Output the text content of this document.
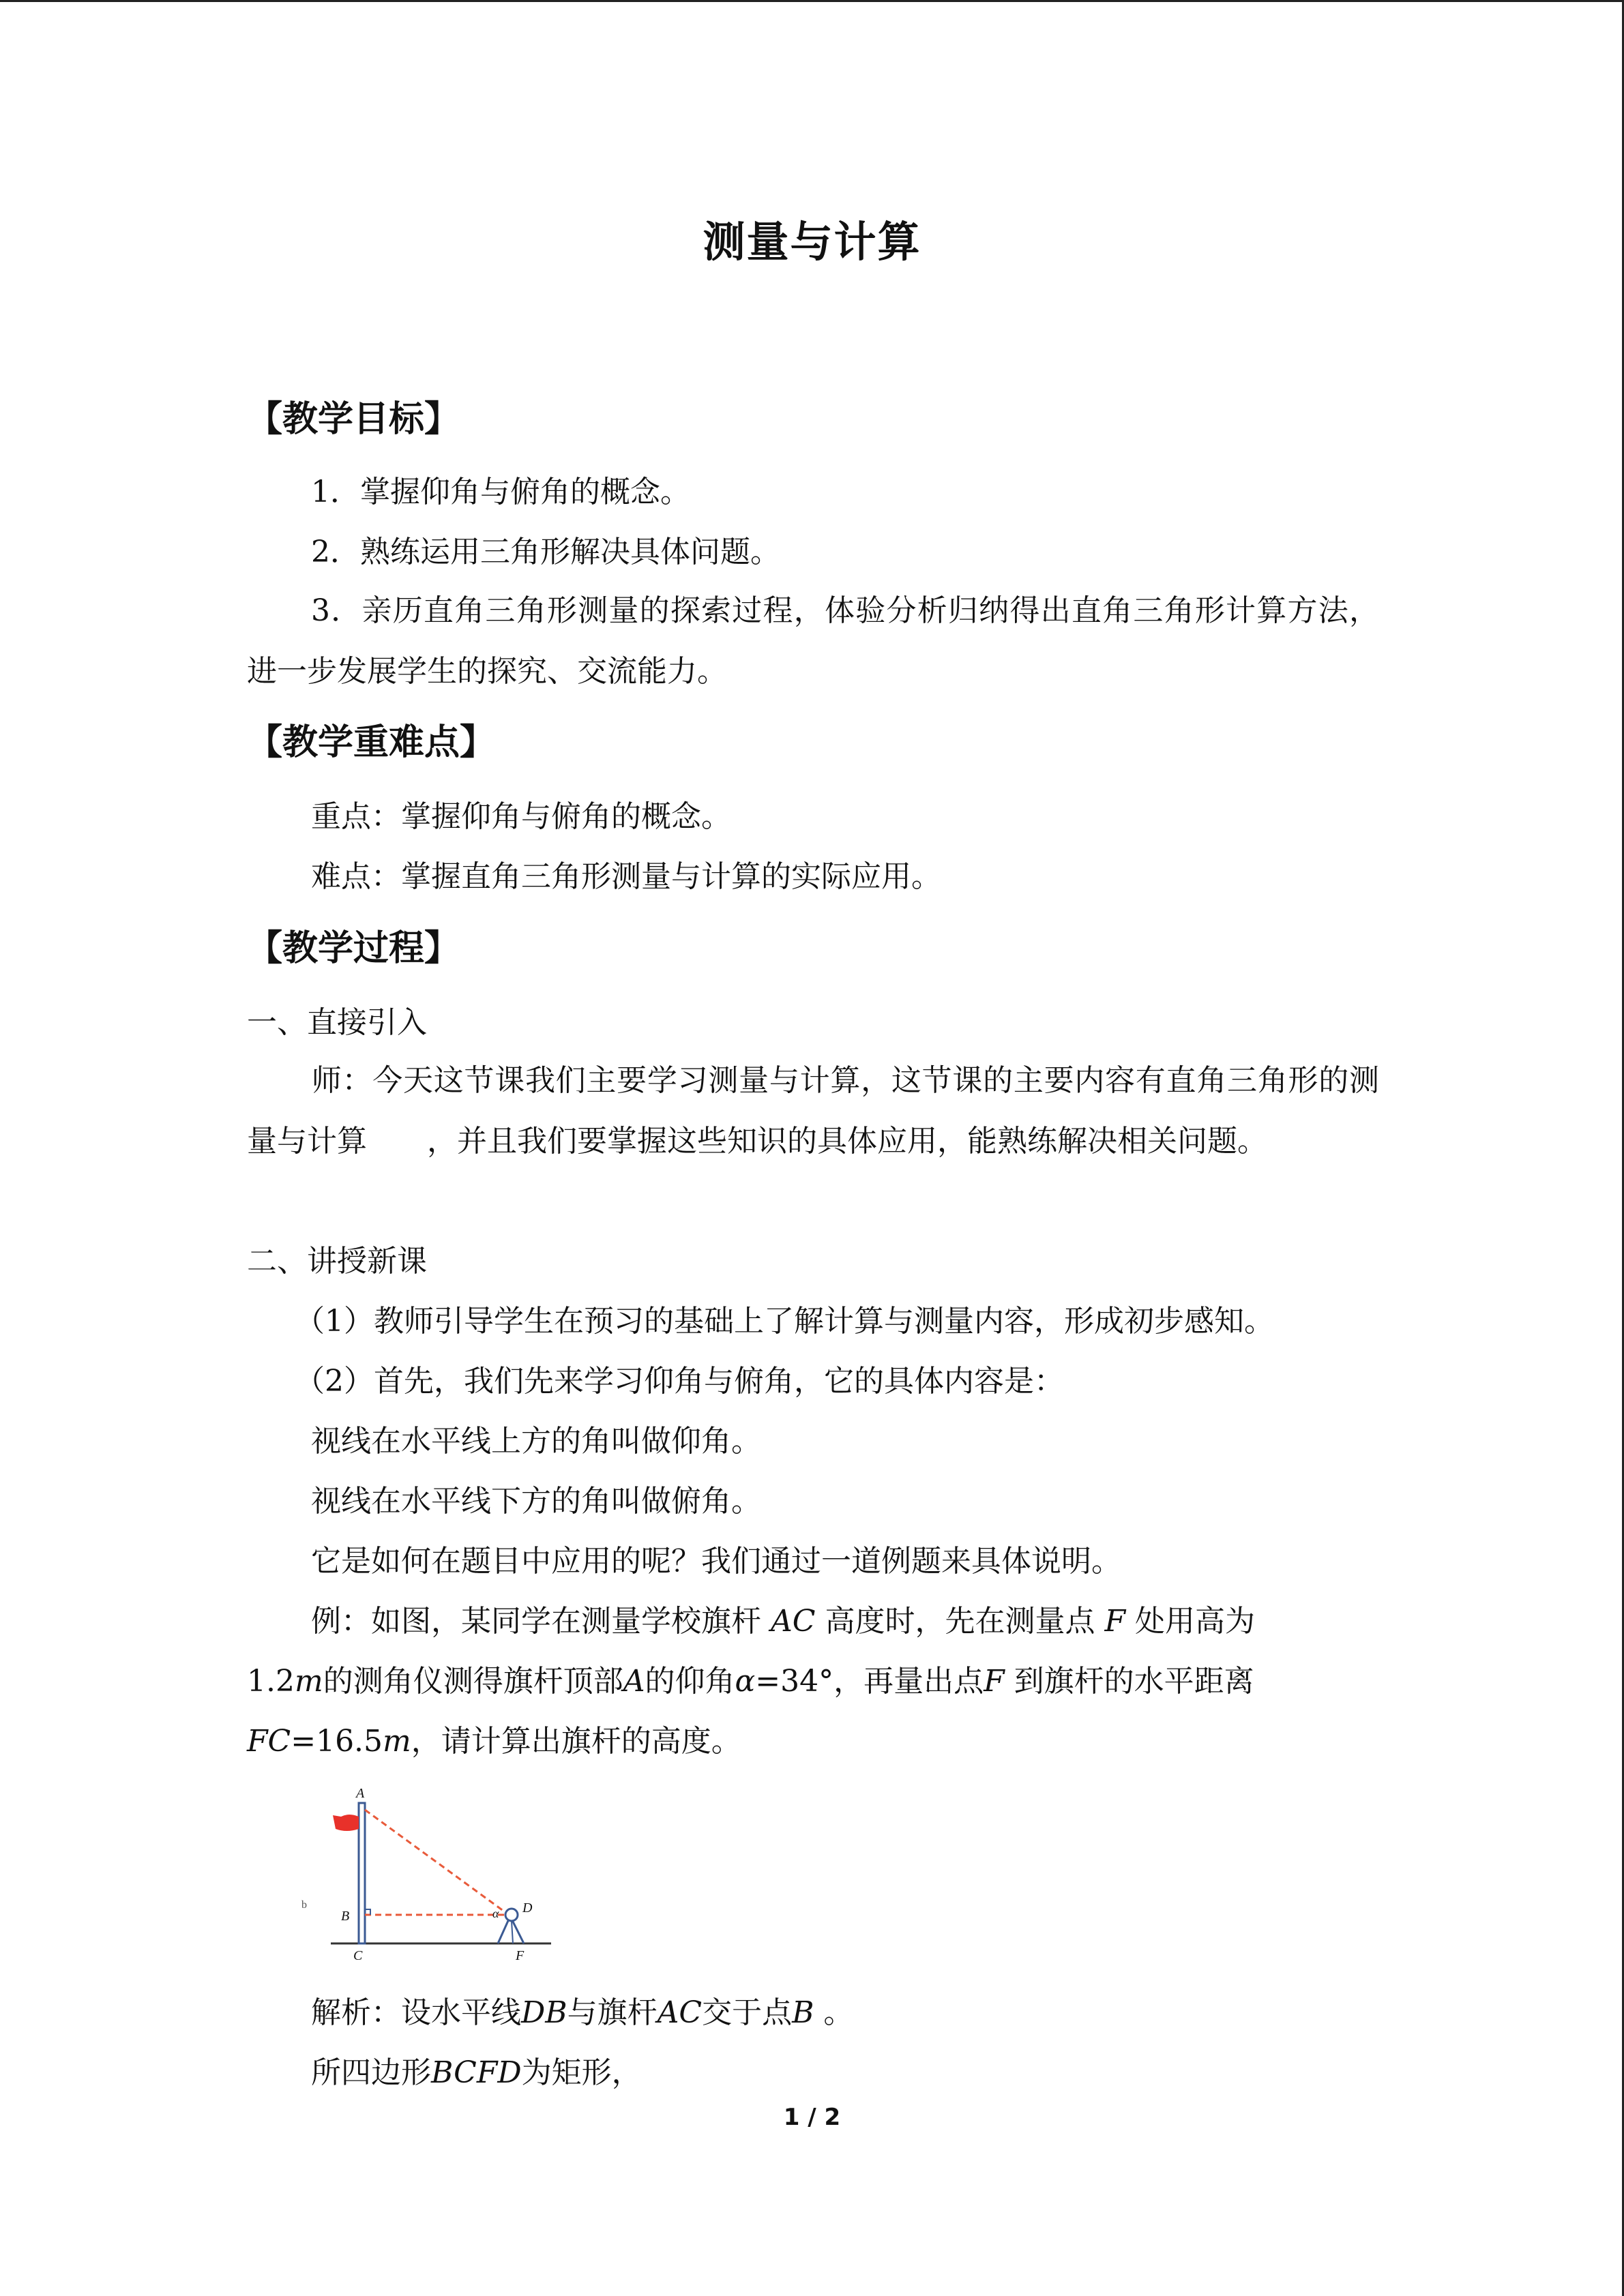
测量与计算
【教学目标】
1．掌握仰角与俯角的概念。
2．熟练运用三角形解决具体问题。
3．亲历直角三角形测量的探索过程，体验分析归纳得出直角三角形计算方法，进一步发展学生的探究、交流能力。
【教学重难点】
重点：掌握仰角与俯角的概念。
难点：掌握直角三角形测量与计算的实际应用。
【教学过程】
一、直接引入
师：今天这节课我们主要学习测量与计算，这节课的主要内容有直角三角形的测量与计算　　，并且我们要掌握这些知识的具体应用，能熟练解决相关问题。
二、讲授新课
（1）教师引导学生在预习的基础上了解计算与测量内容，形成初步感知。
（2）首先，我们先来学习仰角与俯角，它的具体内容是：
视线在水平线上方的角叫做仰角。
视线在水平线下方的角叫做俯角。
它是如何在题目中应用的呢？我们通过一道例题来具体说明。
例：如图，某同学在测量学校旗杆 AC 高度时，先在测量点 F 处用高为
1.2m的测角仪测得旗杆顶部A的仰角α=34°，再量出点F 到旗杆的水平距离
FC=16.5m，请计算出旗杆的高度。
A
B
C
D
F
α
b
解析：设水平线DB与旗杆AC交于点B 。
所四边形BCFD为矩形，
1 / 2
